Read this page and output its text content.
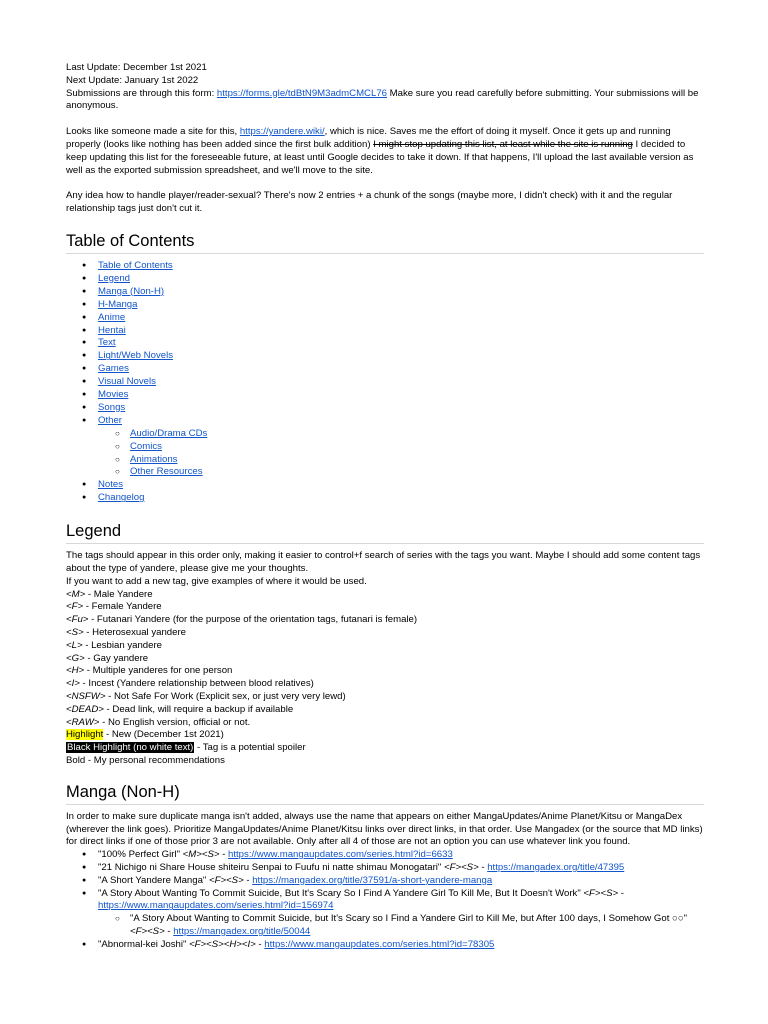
Last Update: December 1st 2021

Next Update: January 1st 2022

Submissions are through this form: https://forms.gle/tdBtN9M3admCMCL76 Make sure you read carefully before submitting. Your submissions will be anonymous.

Looks like someone made a site for this, https://yandere.wiki/, which is nice. Saves me the effort of doing it myself. Once it gets up and running properly (looks like nothing has been added since the first bulk addition) I might stop updating this list, at least while the site is running I decided to keep updating this list for the foreseeable future, at least until Google decides to take it down. If that happens, I'll upload the last available version as well as the exported submission spreadsheet, and we'll move to the site.

Any idea how to handle player/reader-sexual? There's now 2 entries + a chunk of the songs (maybe more, I didn't check) with it and the regular relationship tags just don't cut it.

Table of Contents
● Table of Contents
● Legend
● Manga (Non-H)
● H-Manga
● Anime
● Hentai
● Text
● Light/Web Novels
● Games
● Visual Novels
● Movies
● Songs
● Other
○ Audio/Drama CDs
○ Comics
○ Animations
○ Other Resources
● Notes
● Changelog
Legend

The tags should appear in this order only, making it easier to control+f search of series with the tags you want. Maybe I should add some content tags about the type of yandere, please give me your thoughts.

If you want to add a new tag, give examples of where it would be used.

<M> - Male Yandere

<F> - Female Yandere

<Fu> - Futanari Yandere (for the purpose of the orientation tags, futanari is female)

<S> - Heterosexual yandere

<L> - Lesbian yandere

<G> - Gay yandere

<H> - Multiple yanderes for one person

<I> - Incest (Yandere relationship between blood relatives)

<NSFW> - Not Safe For Work (Explicit sex, or just very very lewd)

<DEAD> - Dead link, will require a backup if available

<RAW> - No English version, official or not.

Highlight - New (December 1st 2021)

Black Highlight (no white text) - Tag is a potential spoiler

Bold - My personal recommendations

Manga (Non-H)

In order to make sure duplicate manga isn't added, always use the name that appears on either MangaUpdates/Anime Planet/Kitsu or MangaDex (wherever the link goes). Prioritize MangaUpdates/Anime Planet/Kitsu links over direct links, in that order. Use Mangadex (or the source that MD links) for direct links if one of those prior 3 are not available. Only after all 4 of those are not an option you can use whatever link you found.

● "100% Perfect Girl" <M><S> - https://www.mangaupdates.com/series.html?id=6633
● "21 Nichigo ni Share House shiteiru Senpai to Fuufu ni natte shimau Monogatari" <F><S> - https://mangadex.org/title/47395
● "A Short Yandere Manga" <F><S> - https://mangadex.org/title/37591/a-short-yandere-manga
● "A Story About Wanting To Commit Suicide, But It's Scary So I Find A Yandere Girl To Kill Me, But It Doesn't Work" <F><S> - https://www.mangaupdates.com/series.html?id=156974
○ "A Story About Wanting to Commit Suicide, but It's Scary so I Find a Yandere Girl to Kill Me, but After 100 days, I Somehow Got ○○" <F><S> - https://mangadex.org/title/50044
● "Abnormal-kei Joshi" <F><S><H><I> - https://www.mangaupdates.com/series.html?id=78305
